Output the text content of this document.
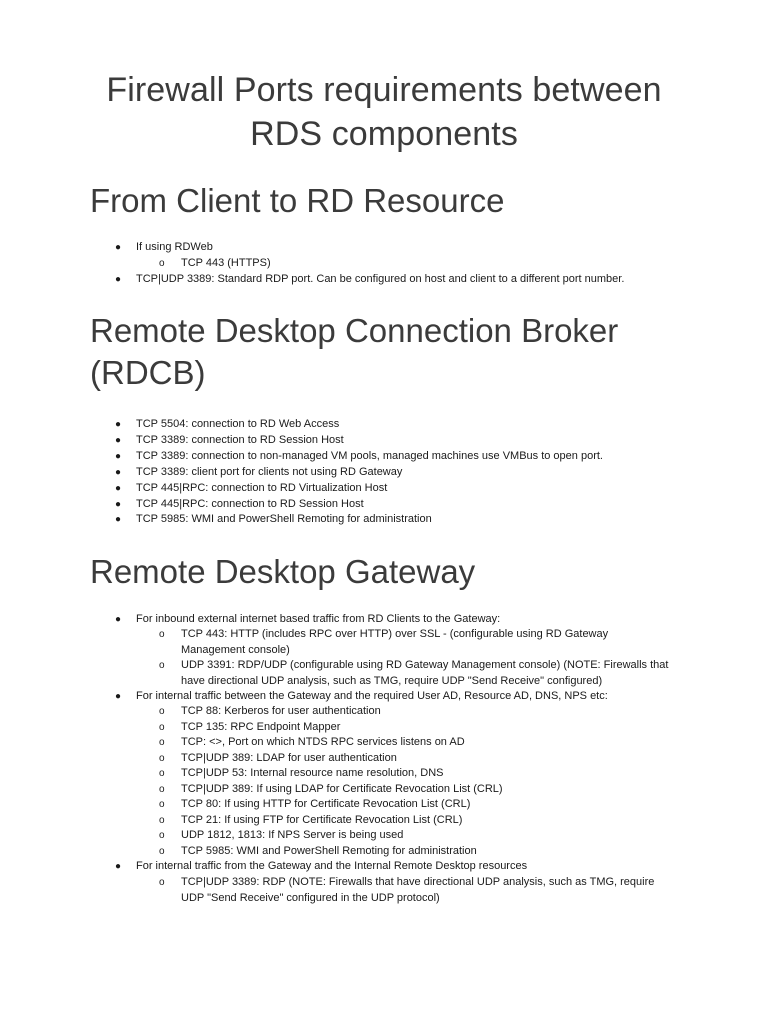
Firewall Ports requirements between RDS components
From Client to RD Resource
● If using RDWeb
o TCP 443 (HTTPS)
● TCP|UDP 3389: Standard RDP port. Can be configured on host and client to a different port number.
Remote Desktop Connection Broker (RDCB)
● TCP 5504: connection to RD Web Access
● TCP 3389: connection to RD Session Host
● TCP 3389: connection to non-managed VM pools, managed machines use VMBus to open port.
● TCP 3389: client port for clients not using RD Gateway
● TCP 445|RPC: connection to RD Virtualization Host
● TCP 445|RPC: connection to RD Session Host
● TCP 5985: WMI and PowerShell Remoting for administration
Remote Desktop Gateway
● For inbound external internet based traffic from RD Clients to the Gateway:
o TCP 443: HTTP (includes RPC over HTTP) over SSL - (configurable using RD Gateway Management console)
o UDP 3391: RDP/UDP (configurable using RD Gateway Management console) (NOTE: Firewalls that have directional UDP analysis, such as TMG, require UDP "Send Receive" configured)
● For internal traffic between the Gateway and the required User AD, Resource AD, DNS, NPS etc:
o TCP 88: Kerberos for user authentication
o TCP 135: RPC Endpoint Mapper
o TCP: <>, Port on which NTDS RPC services listens on AD
o TCP|UDP 389: LDAP for user authentication
o TCP|UDP 53: Internal resource name resolution, DNS
o TCP|UDP 389: If using LDAP for Certificate Revocation List (CRL)
o TCP 80: If using HTTP for Certificate Revocation List (CRL)
o TCP 21: If using FTP for Certificate Revocation List (CRL)
o UDP 1812, 1813: If NPS Server is being used
o TCP 5985: WMI and PowerShell Remoting for administration
● For internal traffic from the Gateway and the Internal Remote Desktop resources
o TCP|UDP 3389: RDP (NOTE: Firewalls that have directional UDP analysis, such as TMG, require UDP "Send Receive" configured in the UDP protocol)
